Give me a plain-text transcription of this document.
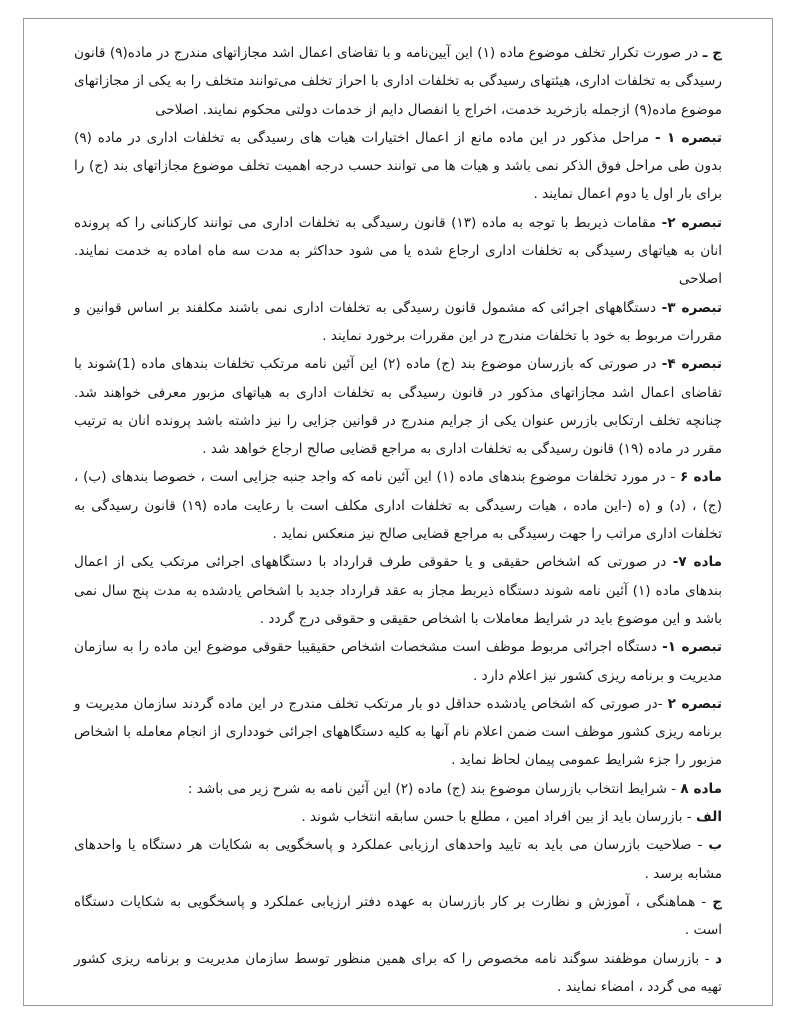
ج ـ در صورت تکرار تخلف موضوع ماده (۱) این آیین‌نامه و با تقاضای اعمال اشد مجازاتهای مندرج در ماده(۹) قانون رسیدگی به تخلفات اداری، هیئتهای رسیدگی به تخلفات اداری با احراز تخلف می‌توانند متخلف را به یکی از مجازاتهای موضوع ماده(۹) ازجمله بازخرید خدمت، اخراج یا انفصال دایم از خدمات دولتی محکوم نمایند. اصلاحی

تبصره ۱ - مراحل مذکور در این ماده مانع از اعمال اختیارات هیات های رسیدگی به تخلفات اداری در ماده (۹) بدون طی مراحل فوق الذکر نمی باشد و هیات ها می توانند حسب درجه اهمیت تخلف موضوع مجازاتهای بند (ج) را برای بار اول یا دوم اعمال نمایند .

تبصره ۲- مقامات ذیربط با توجه به ماده (۱۳) قانون رسیدگی به تخلفات اداری می توانند کارکنانی را که پرونده انان به هیاتهای رسیدگی به تخلفات اداری ارجاع شده یا می شود حداکثر به مدت سه ماه اماده به خدمت نمایند. اصلاحی

تبصره ۳- دستگاههای اجرائی که مشمول قانون رسیدگی به تخلفات اداری نمی باشند مکلفند بر اساس قوانین و مقررات مربوط به خود با تخلفات مندرج در این مقررات برخورد نمایند .

تبصره ۴- در صورتی که بازرسان موضوع بند (ج) ماده (۲) این آئین نامه مرتکب تخلفات بندهای ماده (1)شوند با تقاضای اعمال اشد مجازاتهای مذکور در قانون رسیدگی به تخلفات اداری به هیاتهای مزبور معرفی خواهند شد. چنانچه تخلف ارتکابی بازرس عنوان یکی از جرایم مندرج در قوانین جزایی را نیز داشته باشد پرونده انان به ترتیب مقرر در ماده (۱۹) قانون رسیدگی به تخلفات اداری به مراجع قضایی صالح ارجاع خواهد شد .

ماده ۶ - در مورد تخلفات موضوع بندهای ماده (۱) این آئین نامه که واجد جنبه جزایی است ، خصوصا بندهای (ب) ، (ج) ، (د) و (ه (-این ماده ، هیات رسیدگی به تخلفات اداری مکلف است با رعایت ماده (۱۹) قانون رسیدگی به تخلفات اداری مراتب را جهت رسیدگی به مراجع قضایی صالح نیز منعکس نماید .

ماده ۷- در صورتی که اشخاص حقیقی و یا حقوقی طرف قرارداد با دستگاههای اجرائی مرتکب یکی از اعمال بندهای ماده (۱) آئین نامه شوند دستگاه ذیربط مجاز به عقد قرارداد جدید با اشخاص یادشده به مدت پنج سال نمی باشد و این موضوع باید در شرایط معاملات با اشخاص حقیقی و حقوقی درج گردد .

تبصره ۱- دستگاه اجرائی مربوط موظف است مشخصات اشخاص حقیقیبا حقوقی موضوع این ماده را به سازمان مدیریت و برنامه ریزی کشور نیز اعلام دارد .

تبصره ۲ -در صورتی که اشخاص یادشده حداقل دو بار مرتکب تخلف مندرج در این ماده گردند سازمان مدیریت و برنامه ریزی کشور موظف است ضمن اعلام نام آنها به کلیه دستگاههای اجرائی خودداری از انجام معامله با اشخاص مزبور را جزء شرایط عمومی پیمان لحاظ نماید .

ماده ۸ - شرایط انتخاب بازرسان موضوع بند (ج) ماده (۲) این آئین نامه به شرح زیر می باشد :

الف - بازرسان باید از بین افراد امین ، مطلع با حسن سابقه انتخاب شوند .

ب - صلاحیت بازرسان می باید به تایید واحدهای ارزیابی عملکرد و پاسخگویی به شکایات هر دستگاه یا واحدهای مشابه برسد .

ج - هماهنگی ، آموزش و نظارت بر کار بازرسان به عهده دفتر ارزیابی عملکرد و پاسخگویی به شکایات دستگاه است .

د - بازرسان موظفند سوگند نامه مخصوص را که برای همین منظور توسط سازمان مدیریت و برنامه ریزی کشور تهیه می گردد ، امضاء نمایند .
